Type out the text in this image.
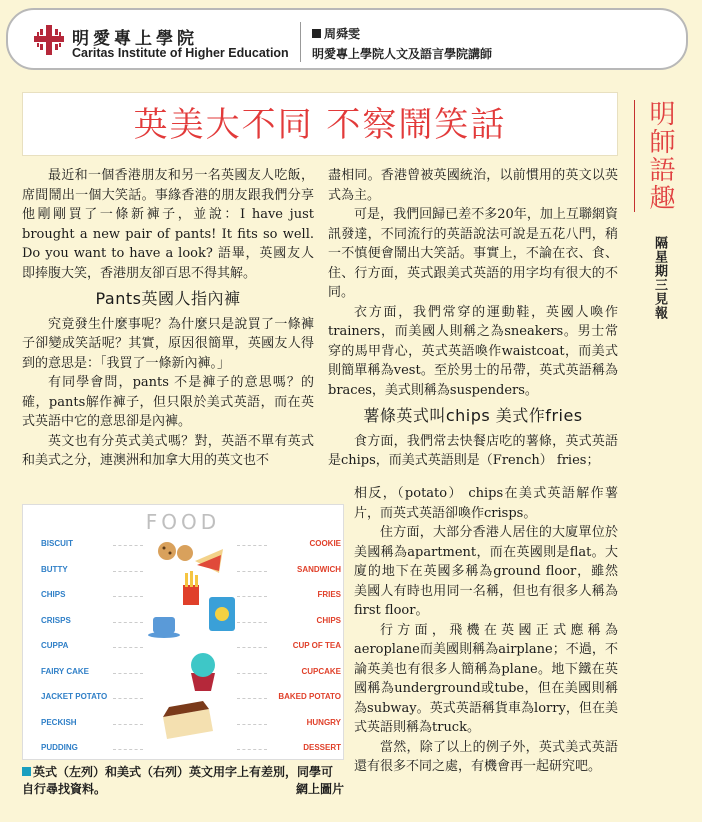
明愛專上學院
Caritas Institute of Higher Education
周舜雯
明愛專上學院人文及語言學院講師
英美大不同 不察鬧笑話	明師語趣
隔星期三見報

最近和一個香港朋友和另一名英國友人吃飯，席間鬧出一個大笑話。事緣香港的朋友跟我們分享他剛剛買了一條新褲子，並說：I have just brought a new pair of pants! It fits so well. Do you want to have a look? 語畢，英國友人即捧腹大笑，香港朋友卻百思不得其解。

Pants英國人指內褲

究竟發生什麼事呢？為什麼只是說買了一條褲子卻變成笑話呢？其實，原因很簡單，英國友人得到的意思是：「我買了一條新內褲。」

有同學會問，pants 不是褲子的意思嗎？的確，pants解作褲子，但只限於美式英語，而在英式英語中它的意思卻是內褲。

英文也有分英式美式嗎？對，英語不單有英式和美式之分，連澳洲和加拿大用的英文也不

盡相同。香港曾被英國統治，以前慣用的英文以英式為主。

可是，我們回歸已差不多20年，加上互聯網資訊發達，不同流行的英語說法可說是五花八門，稍一不慎便會鬧出大笑話。事實上，不論在衣、食、住、行方面，英式跟美式英語的用字均有很大的不同。

衣方面，我們常穿的運動鞋，英國人喚作trainers，而美國人則稱之為sneakers。男士常穿的馬甲背心，英式英語喚作waistcoat，而美式則簡單稱為vest。至於男士的吊帶，英式英語稱為braces，美式則稱為suspenders。

薯條英式叫chips 美式作fries

食方面，我們常去快餐店吃的薯條，英式英語是chips，而美式英語則是（French） fries；

相反，（potato） chips在美式英語解作薯片，而英式英語卻喚作crisps。

住方面，大部分香港人居住的大廈單位於美國稱為apartment，而在英國則是flat。大廈的地下在英國多稱為ground floor，雖然美國人有時也用同一名稱，但也有很多人稱為first floor。

行方面，飛機在英國正式應稱為aeroplane而美國則稱為airplane；不過，不論英美也有很多人簡稱為plane。地下鐵在英國稱為underground或tube，但在美國則稱為subway。英式英語稱貨車為lorry，但在美式英語則稱為truck。

當然，除了以上的例子外，英式美式英語還有很多不同之處，有機會再一起研究吧。

FOOD
BISCUIT	COOKIE
BUTTY	SANDWICH
CHIPS	FRIES
CRISPS	CHIPS
CUPPA	CUP OF TEA
FAIRY CAKE	CUPCAKE
JACKET POTATO	BAKED POTATO
PECKISH	HUNGRY
PUDDING	DESSERT
英式（左列）和美式（右列）英文用字上有差別，同學可自行尋找資料。	網上圖片
